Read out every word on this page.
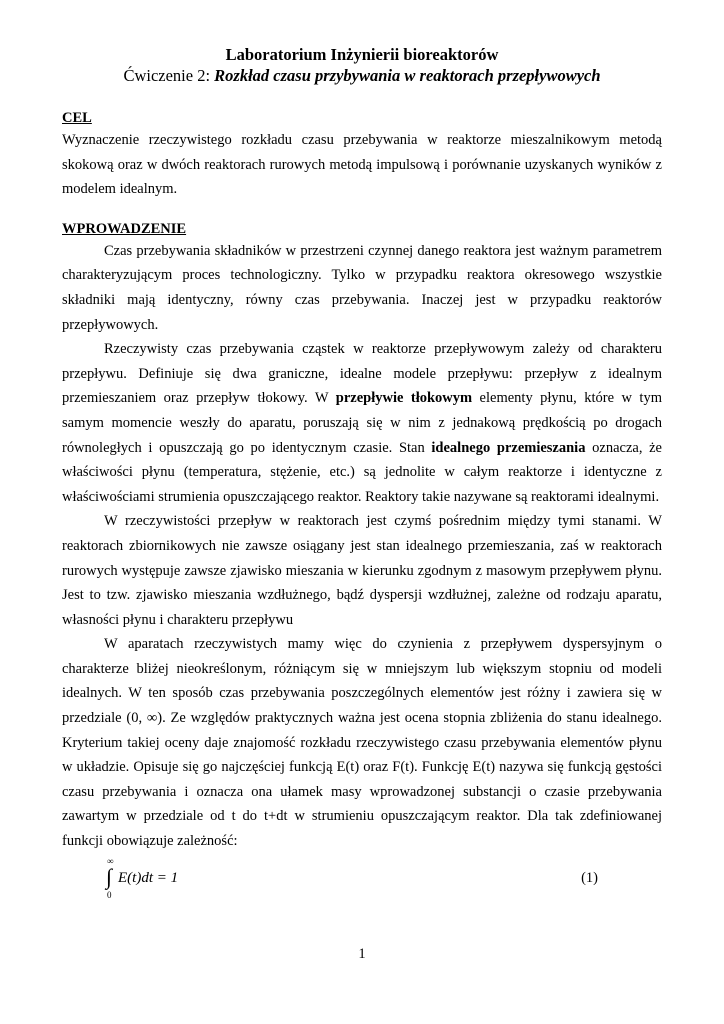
Laboratorium Inżynierii bioreaktorów
Ćwiczenie 2: Rozkład czasu przybywania w reaktorach przepływowych
CEL

Wyznaczenie rzeczywistego rozkładu czasu przebywania w reaktorze mieszalnikowym metodą skokową oraz w dwóch reaktorach rurowych metodą impulsową i porównanie uzyskanych wyników z modelem idealnym.

WPROWADZENIE

Czas przebywania składników w przestrzeni czynnej danego reaktora jest ważnym parametrem charakteryzującym proces technologiczny. Tylko w przypadku reaktora okresowego wszystkie składniki mają identyczny, równy czas przebywania. Inaczej jest w przypadku reaktorów przepływowych.

Rzeczywisty czas przebywania cząstek w reaktorze przepływowym zależy od charakteru przepływu. Definiuje się dwa graniczne, idealne modele przepływu: przepływ z idealnym przemieszaniem oraz przepływ tłokowy. W przepływie tłokowym elementy płynu, które w tym samym momencie weszły do aparatu, poruszają się w nim z jednakową prędkością po drogach równoległych i opuszczają go po identycznym czasie. Stan idealnego przemieszania oznacza, że właściwości płynu (temperatura, stężenie, etc.) są jednolite w całym reaktorze i identyczne z właściwościami strumienia opuszczającego reaktor. Reaktory takie nazywane są reaktorami idealnymi.

W rzeczywistości przepływ w reaktorach jest czymś pośrednim między tymi stanami. W reaktorach zbiornikowych nie zawsze osiągany jest stan idealnego przemieszania, zaś w reaktorach rurowych występuje zawsze zjawisko mieszania w kierunku zgodnym z masowym przepływem płynu. Jest to tzw. zjawisko mieszania wzdłużnego, bądź dyspersji wzdłużnej, zależne od rodzaju aparatu, własności płynu i charakteru przepływu

W aparatach rzeczywistych mamy więc do czynienia z przepływem dyspersyjnym o charakterze bliżej nieokreślonym, różniącym się w mniejszym lub większym stopniu od modeli idealnych. W ten sposób czas przebywania poszczególnych elementów jest różny i zawiera się w przedziale (0, ∞). Ze względów praktycznych ważna jest ocena stopnia zbliżenia do stanu idealnego. Kryterium takiej oceny daje znajomość rozkładu rzeczywistego czasu przebywania elementów płynu w układzie. Opisuje się go najczęściej funkcją E(t) oraz F(t). Funkcję E(t) nazywa się funkcją gęstości czasu przebywania i oznacza ona ułamek masy wprowadzonej substancji o czasie przebywania zawartym w przedziale od t do t+dt w strumieniu opuszczającym reaktor. Dla tak zdefiniowanej funkcji obowiązuje zależność:

∞
∫
0
E(t)dt = 1	(1)
1
